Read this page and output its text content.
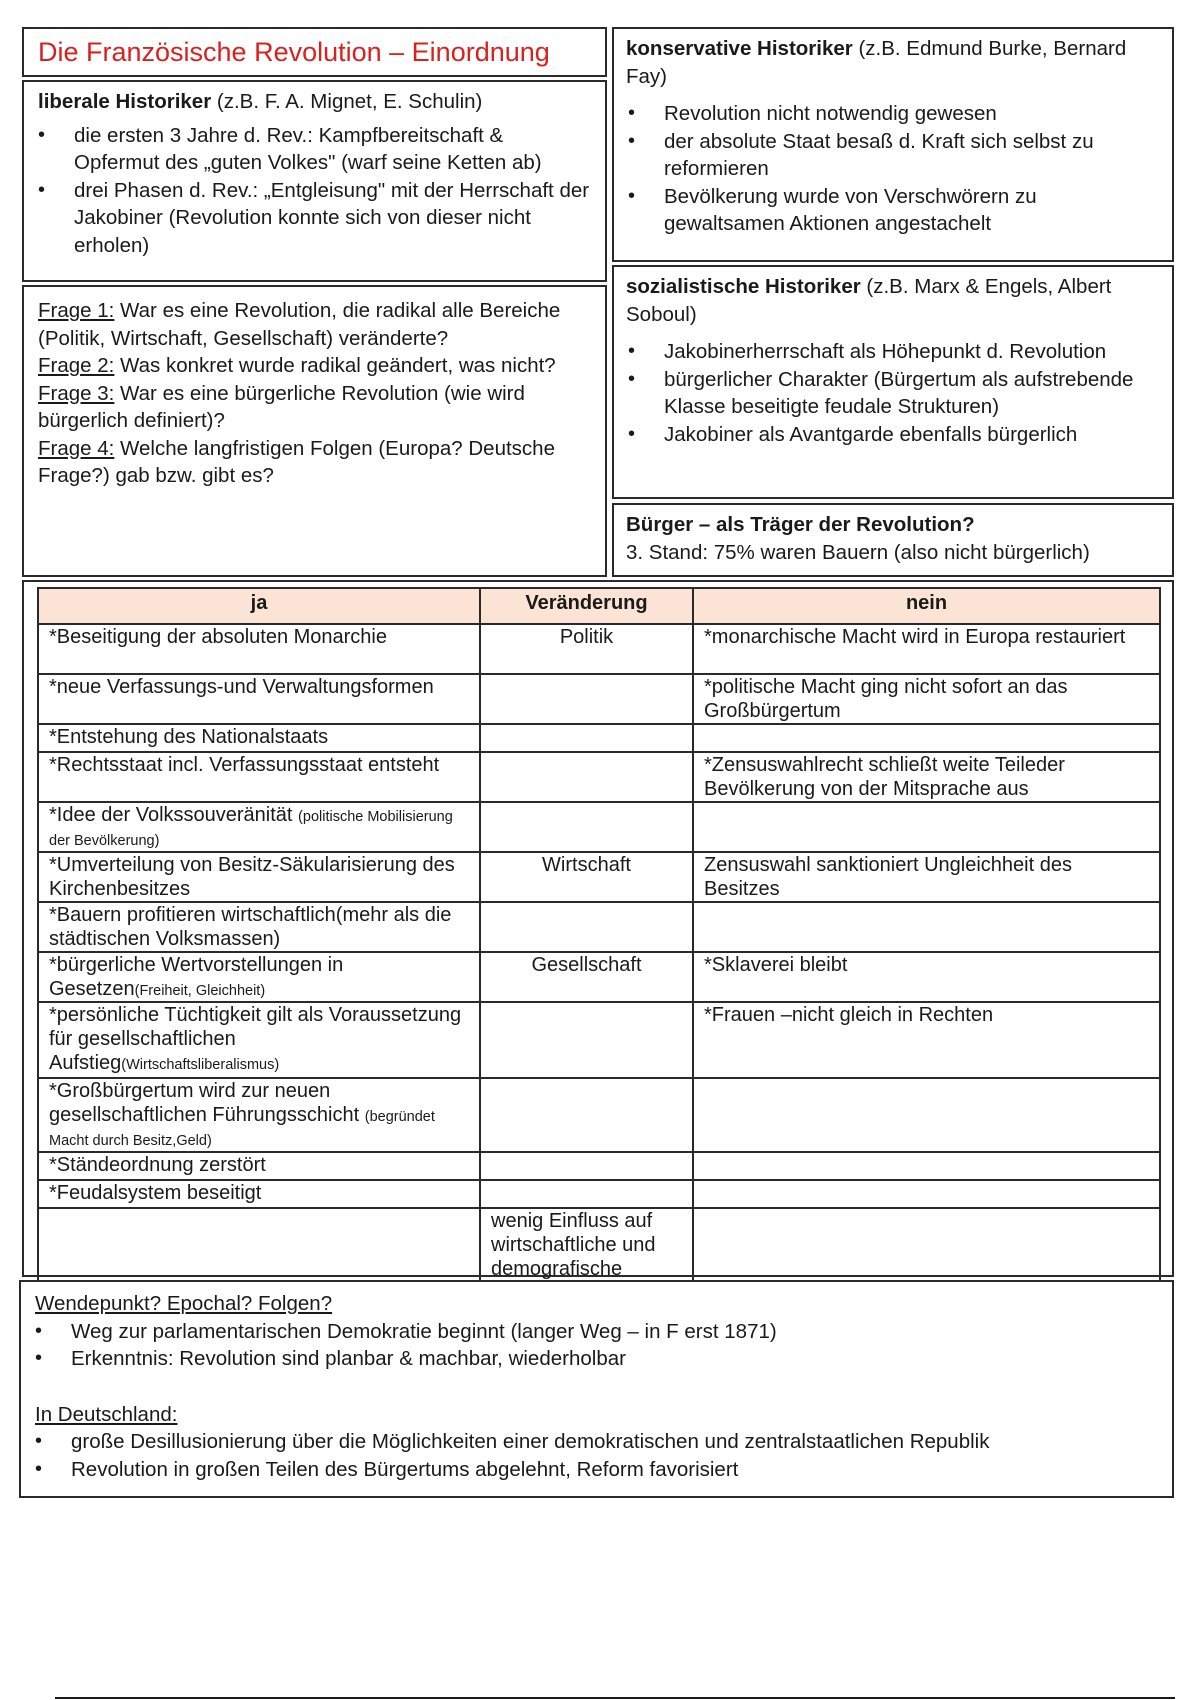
Die Französische Revolution – Einordnung
liberale Historiker (z.B. F. A. Mignet, E. Schulin)
• die ersten 3 Jahre d. Rev.: Kampfbereitschaft & Opfermut des „guten Volkes" (warf seine Ketten ab)
• drei Phasen d. Rev.: „Entgleisung" mit der Herrschaft der Jakobiner (Revolution konnte sich von dieser nicht erholen)
Frage 1: War es eine Revolution, die radikal alle Bereiche (Politik, Wirtschaft, Gesellschaft) veränderte?
Frage 2: Was konkret wurde radikal geändert, was nicht?
Frage 3: War es eine bürgerliche Revolution (wie wird bürgerlich definiert)?
Frage 4: Welche langfristigen Folgen (Europa? Deutsche Frage?) gab bzw. gibt es?
konservative Historiker (z.B. Edmund Burke, Bernard Fay)
• Revolution nicht notwendig gewesen
• der absolute Staat besaß d. Kraft sich selbst zu reformieren
• Bevölkerung wurde von Verschwörern zu gewaltsamen Aktionen angestachelt
sozialistische Historiker (z.B. Marx & Engels, Albert Soboul)
• Jakobinerherrschaft als Höhepunkt d. Revolution
• bürgerlicher Charakter (Bürgertum als aufstrebende Klasse beseitigte feudale Strukturen)
• Jakobiner als Avantgarde ebenfalls bürgerlich
Bürger – als Träger der Revolution?
3. Stand: 75% waren Bauern (also nicht bürgerlich)
ja	Veränderung	nein
*Beseitigung der absoluten Monarchie	Politik	*monarchische Macht wird in Europa restauriert
*neue Verfassungs-und Verwaltungsformen		*politische Macht ging nicht sofort an das Großbürgertum
*Entstehung des Nationalstaats		
*Rechtsstaat incl. Verfassungsstaat entsteht		*Zensuswahlrecht schließt weite Teileder Bevölkerung von der Mitsprache aus
*Idee der Volkssouveränität (politische Mobilisierung der Bevölkerung)		
*Umverteilung von Besitz-Säkularisierung des Kirchenbesitzes	Wirtschaft	Zensuswahl sanktioniert Ungleichheit des Besitzes
*Bauern profitieren wirtschaftlich(mehr als die städtischen Volksmassen)		
*bürgerliche Wertvorstellungen in Gesetzen(Freiheit, Gleichheit)	Gesellschaft	*Sklaverei bleibt
*persönliche Tüchtigkeit gilt als Voraussetzung für gesellschaftlichen Aufstieg(Wirtschaftsliberalismus)		*Frauen –nicht gleich in Rechten
*Großbürgertum wird zur neuen gesellschaftlichen Führungsschicht (begründet Macht durch Besitz,Geld)		
*Ständeordnung zerstört		
*Feudalsystem beseitigt		
	wenig Einfluss auf wirtschaftliche und demografische	
Wendepunkt? Epochal? Folgen?
• Weg zur parlamentarischen Demokratie beginnt (langer Weg – in F erst 1871)
• Erkenntnis: Revolution sind planbar & machbar, wiederholbar
In Deutschland:
• große Desillusionierung über die Möglichkeiten einer demokratischen und zentralstaatlichen Republik
• Revolution in großen Teilen des Bürgertums abgelehnt, Reform favorisiert
